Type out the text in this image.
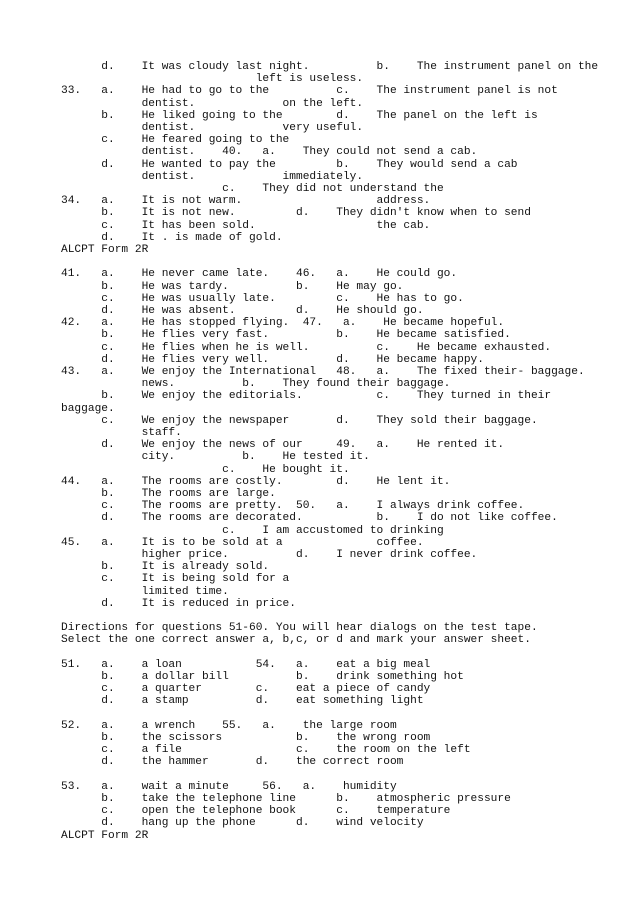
d.    It was cloudy last night.          b.    The instrument panel on the
left is useless.
33.   a.    He had to go to the          c.    The instrument panel is not
dentist.             on the left.
b.    He liked going to the        d.    The panel on the left is
dentist.             very useful.
c.    He feared going to the
dentist.    40.   a.    They could not send a cab.
d.    He wanted to pay the         b.    They would send a cab
dentist.             immediately.
c.    They did not understand the
34.   a.    It is not warm.                    address.
b.    It is not new.         d.    They didn't know when to send
c.    It has been sold.                  the cab.
d.    It . is made of gold.
ALCPT Form 2R
41.   a.    He never came late.    46.   a.    He could go.
b.    He was tardy.          b.    He may go.
c.    He was usually late.         c.    He has to go.
d.    He was absent.         d.    He should go.
42.   a.    He has stopped flying.  47.   a.    He became hopeful.
b.    He flies very fast.          b.    He became satisfied.
c.    He flies when he is well.          c.    He became exhausted.
d.    He flies very well.          d.    He became happy.
43.   a.    We enjoy the International   48.   a.    The fixed their- baggage.
news.          b.    They found their baggage.
b.    We enjoy the editorials.           c.    They turned in their
baggage.
c.    We enjoy the newspaper       d.    They sold their baggage.
staff.
d.    We enjoy the news of our     49.   a.    He rented it.
city.          b.    He tested it.
c.    He bought it.
44.   a.    The rooms are costly.        d.    He lent it.
b.    The rooms are large.
c.    The rooms are pretty.  50.   a.    I always drink coffee.
d.    The rooms are decorated.           b.    I do not like coffee.
c.    I am accustomed to drinking
45.   a.    It is to be sold at a              coffee.
higher price.          d.    I never drink coffee.
b.    It is already sold.
c.    It is being sold for a
limited time.
d.    It is reduced in price.
Directions for questions 51-60. You will hear dialogs on the test tape.
Select the one correct answer a, b,c, or d and mark your answer sheet.
51.   a.    a loan           54.   a.    eat a big meal
b.    a dollar bill          b.    drink something hot
c.    a quarter        c.    eat a piece of candy
d.    a stamp          d.    eat something light
52.   a.    a wrench    55.   a.    the large room
b.    the scissors           b.    the wrong room
c.    a file                 c.    the room on the left
d.    the hammer       d.    the correct room
53.   a.    wait a minute     56.   a.    humidity
b.    take the telephone line      b.    atmospheric pressure
c.    open the telephone book      c.    temperature
d.    hang up the phone      d.    wind velocity
ALCPT Form 2R
